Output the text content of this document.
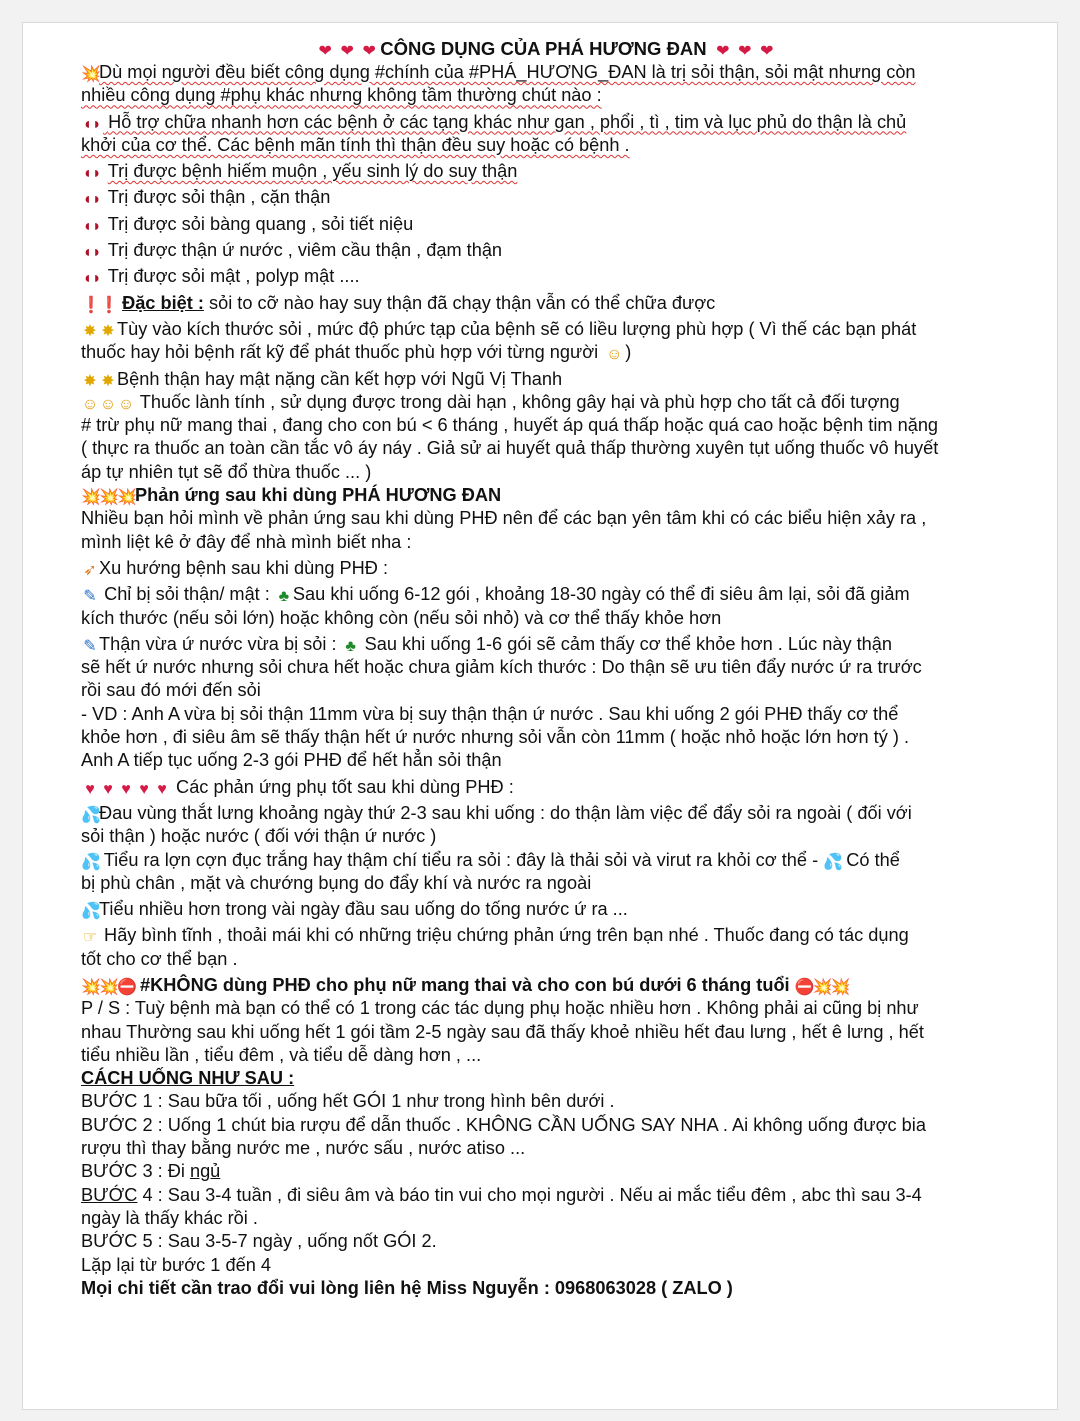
❤ ❤ ❤ CÔNG DỤNG CỦA PHÁ HƯƠNG ĐAN ❤ ❤ ❤
💥Dù mọi người đều biết công dụng #chính của #PHÁ_HƯƠNG_ĐAN là trị sỏi thận, sỏi mật nhưng còn
nhiều công dụng #phụ khác nhưng không tầm thường chút nào :
◖◗ Hỗ trợ chữa nhanh hơn các bệnh ở các tạng khác như gan , phổi , tì , tim và lục phủ do thận là chủ
khởi của cơ thể. Các bệnh mãn tính thì thận đều suy hoặc có bệnh .
◖◗ Trị được bệnh hiếm muộn , yếu sinh lý do suy thận
◖◗ Trị được sỏi thận , cặn thận
◖◗ Trị được sỏi bàng quang , sỏi tiết niệu
◖◗ Trị được thận ứ nước , viêm cầu thận , đạm thận
◖◗ Trị được sỏi mật , polyp mật ....
❗❗ Đặc biệt : sỏi to cỡ nào hay suy thận đã chạy thận vẫn có thể chữa được
✸ ✸ Tùy vào kích thước sỏi , mức độ phức tạp của bệnh sẽ có liều lượng phù hợp ( Vì thế các bạn phát
thuốc hay hỏi bệnh rất kỹ để phát thuốc phù hợp với từng người ☺ )
✸ ✸ Bệnh thận hay mật nặng cần kết hợp với Ngũ Vị Thanh
☺ ☺ ☺ Thuốc lành tính , sử dụng được trong dài hạn , không gây hại và phù hợp cho tất cả đối tượng
# trừ phụ nữ mang thai , đang cho con bú < 6 tháng , huyết áp quá thấp hoặc quá cao hoặc bệnh tim nặng
( thực ra thuốc an toàn cần tắc vô áy náy . Giả sử ai huyết quả thấp thường xuyên tụt uống thuốc vô huyết
áp tự nhiên tụt sẽ đổ thừa thuốc ... )
💥💥💥Phản ứng sau khi dùng PHÁ HƯƠNG ĐAN
Nhiều bạn hỏi mình về phản ứng sau khi dùng PHĐ nên để các bạn yên tâm khi có các biểu hiện xảy ra ,
mình liệt kê ở đây để nhà mình biết nha :
➶ Xu hướng bệnh sau khi dùng PHĐ :
✎ Chỉ bị sỏi thận/ mật : ♣ Sau khi uống 6-12 gói , khoảng 18-30 ngày có thể đi siêu âm lại, sỏi đã giảm
kích thước (nếu sỏi lớn) hoặc không còn (nếu sỏi nhỏ) và cơ thể thấy khỏe hơn
✎ Thận vừa ứ nước vừa bị sỏi : ♣ Sau khi uống 1-6 gói sẽ cảm thấy cơ thể khỏe hơn . Lúc này thận
sẽ hết ứ nước nhưng sỏi chưa hết hoặc chưa giảm kích thước : Do thận sẽ ưu tiên đẩy nước ứ ra trước
rồi sau đó mới đến sỏi
- VD : Anh A vừa bị sỏi thận 11mm vừa bị suy thận thận ứ nước . Sau khi uống 2 gói PHĐ thấy cơ thể
khỏe hơn , đi siêu âm sẽ thấy thận hết ứ nước nhưng sỏi vẫn còn 11mm ( hoặc nhỏ hoặc lớn hơn tý ) .
Anh A tiếp tục uống 2-3 gói PHĐ để hết hẳn sỏi thận
♥ ♥ ♥ ♥ ♥ Các phản ứng phụ tốt sau khi dùng PHĐ :
💦Đau vùng thắt lưng khoảng ngày thứ 2-3 sau khi uống : do thận làm việc để đẩy sỏi ra ngoài ( đối với
sỏi thận ) hoặc nước ( đối với thận ứ nước )
💦 Tiểu ra lợn cợn đục trắng hay thậm chí tiểu ra sỏi : đây là thải sỏi và virut ra khỏi cơ thể - 💦 Có thể
bị phù chân , mặt và chướng bụng do đẩy khí và nước ra ngoài
💦Tiểu nhiều hơn trong vài ngày đầu sau uống do tống nước ứ ra ...
☞ Hãy bình tĩnh , thoải mái khi có những triệu chứng phản ứng trên bạn nhé . Thuốc đang có tác dụng
tốt cho cơ thể bạn .
💥💥⛔ #KHÔNG dùng PHĐ cho phụ nữ mang thai và cho con bú dưới 6 tháng tuổi ⛔💥💥
P / S : Tuỳ bệnh mà bạn có thể có 1 trong các tác dụng phụ hoặc nhiều hơn . Không phải ai cũng bị như
nhau Thường sau khi uống hết 1 gói tầm 2-5 ngày sau đã thấy khoẻ nhiều hết đau lưng , hết ê lưng , hết
tiểu nhiều lần , tiểu đêm , và tiểu dễ dàng hơn , ...
CÁCH UỐNG NHƯ SAU :
BƯỚC 1 : Sau bữa tối , uống hết GÓI 1 như trong hình bên dưới .
BƯỚC 2 : Uống 1 chút bia rượu để dẫn thuốc . KHÔNG CẦN UỐNG SAY NHA . Ai không uống được bia
rượu thì thay bằng nước me , nước sấu , nước atiso ...
BƯỚC 3 : Đi ngủ
BƯỚC 4 : Sau 3-4 tuần , đi siêu âm và báo tin vui cho mọi người . Nếu ai mắc tiểu đêm , abc thì sau 3-4
ngày là thấy khác rồi .
BƯỚC 5 : Sau 3-5-7 ngày , uống nốt GÓI 2.
Lặp lại từ bước 1 đến 4
Mọi chi tiết cần trao đổi vui lòng liên hệ Miss Nguyễn : 0968063028 ( ZALO )
